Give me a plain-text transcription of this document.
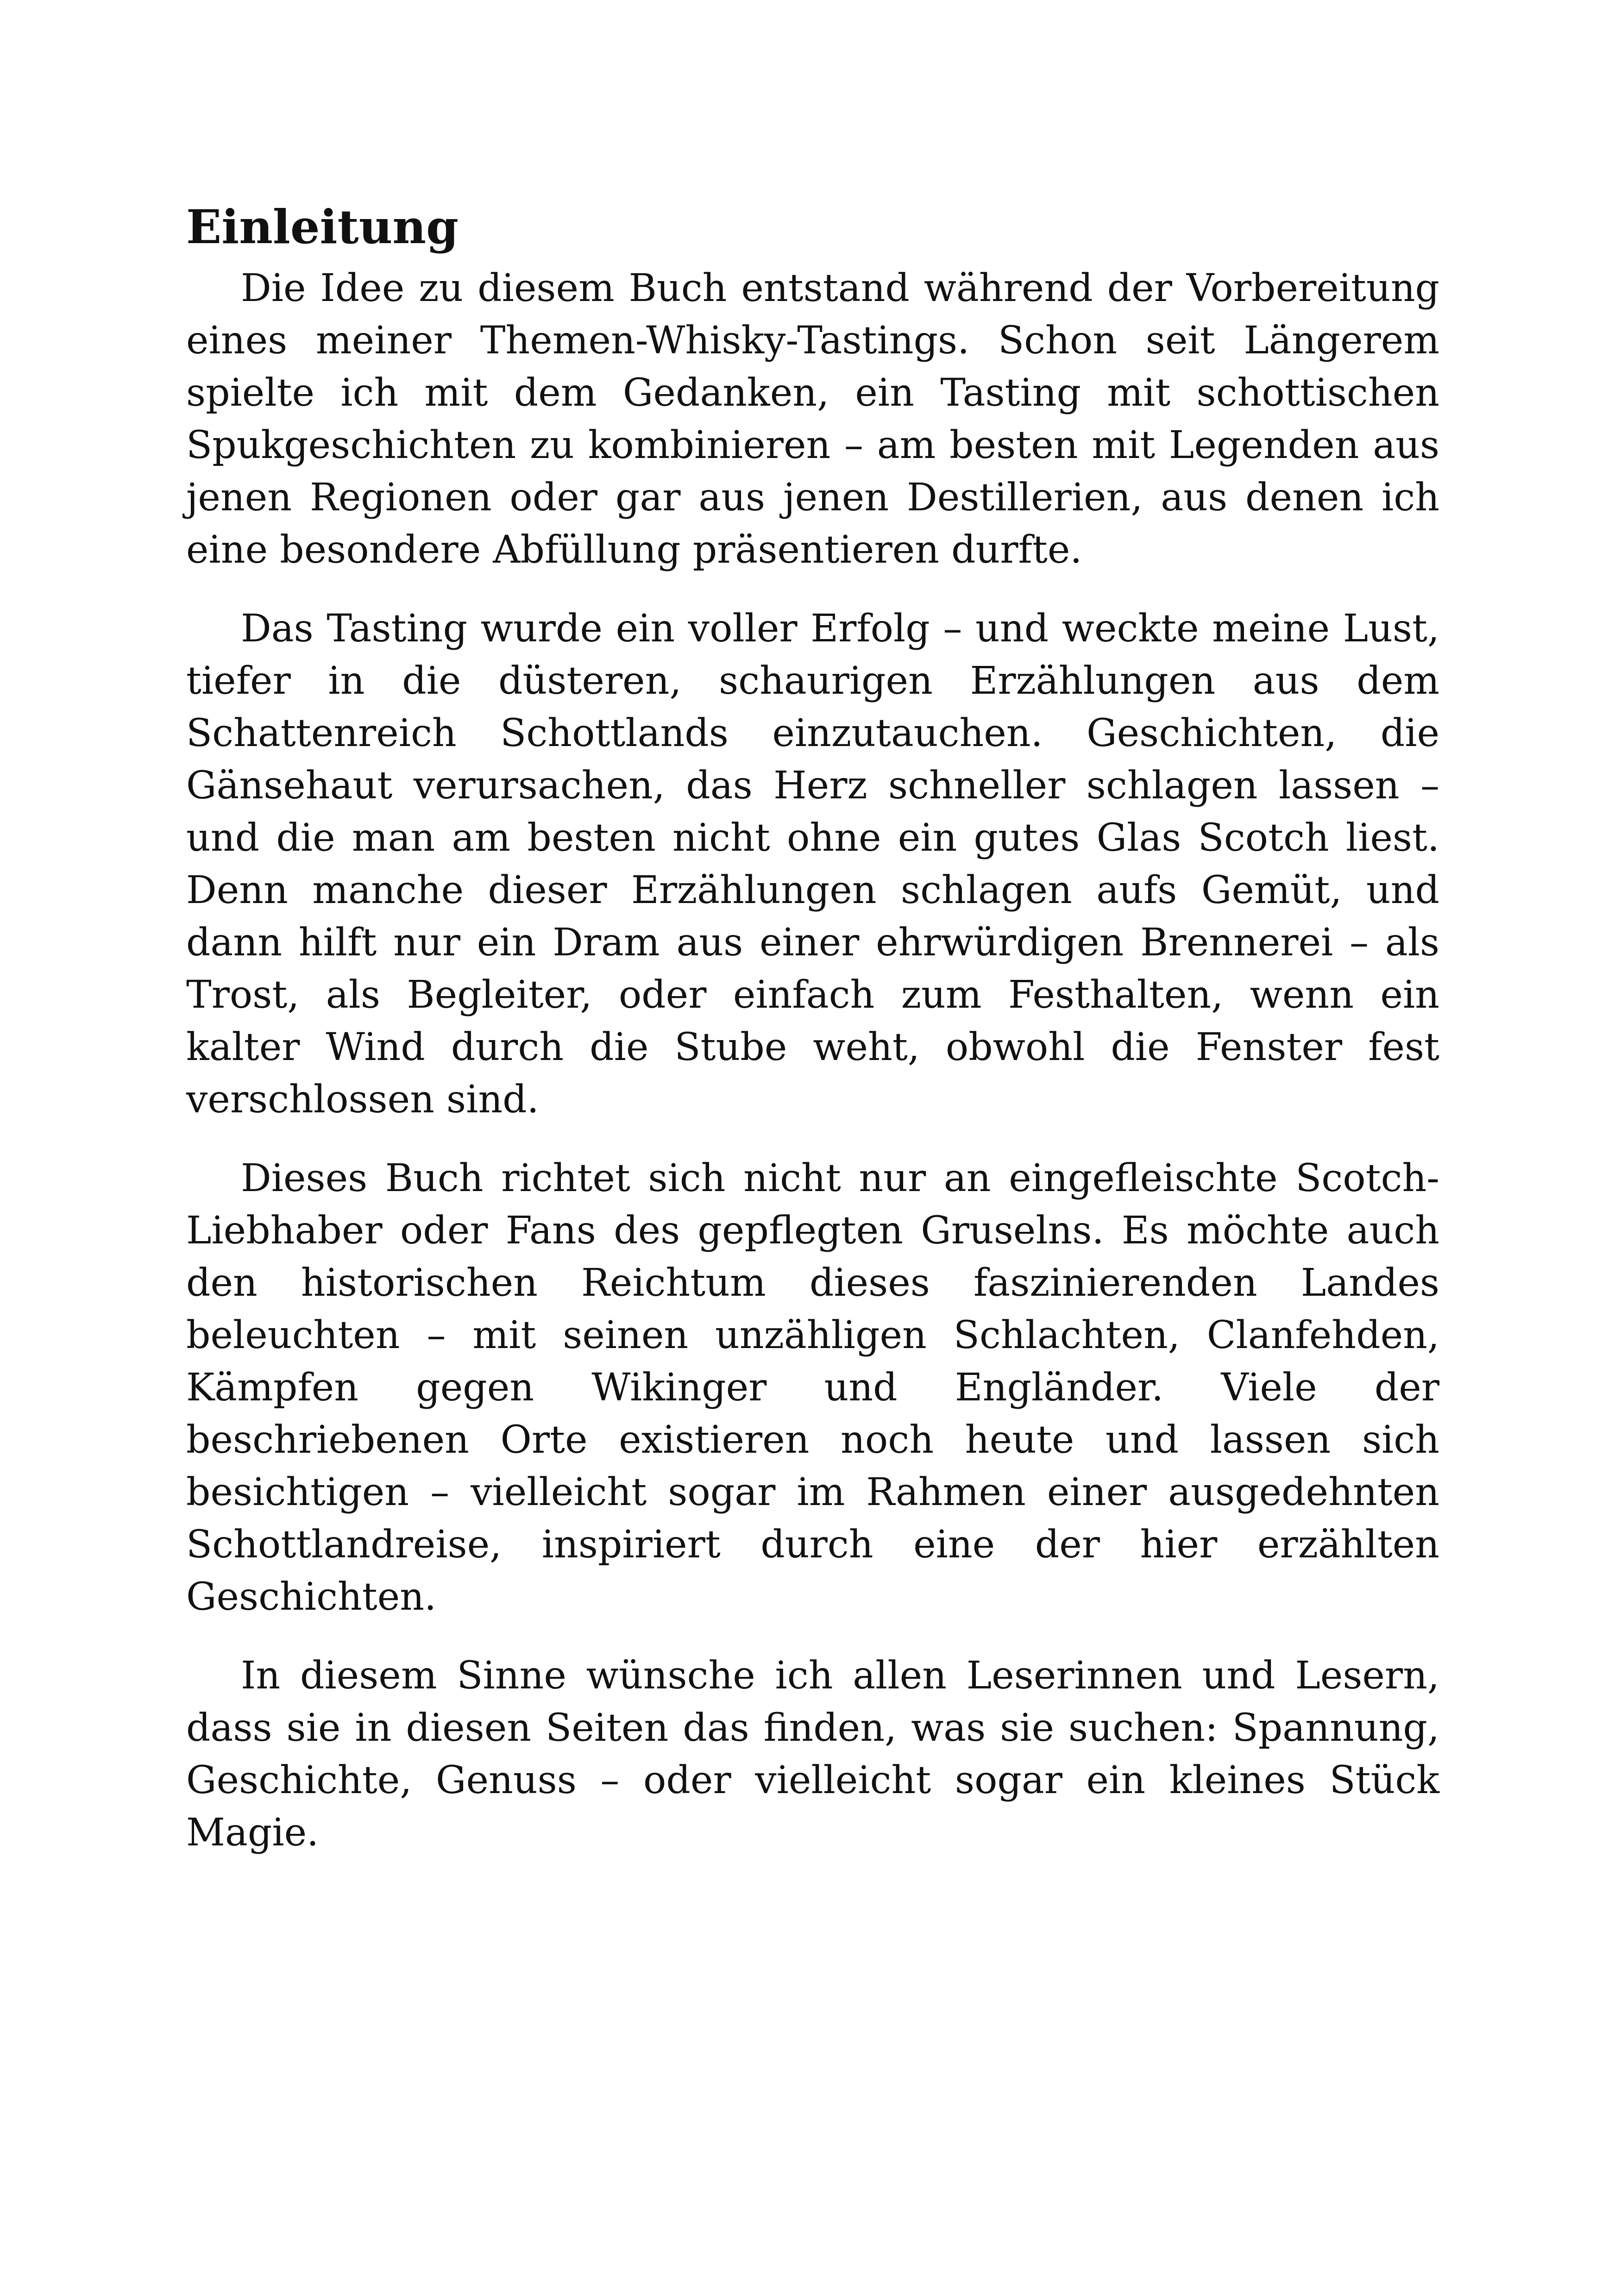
Einleitung

Die Idee zu diesem Buch entstand während der Vorbereitung eines meiner Themen-Whisky-Tastings. Schon seit Längerem spielte ich mit dem Gedanken, ein Tasting mit schottischen Spukgeschichten zu kombinieren – am besten mit Legenden aus jenen Regionen oder gar aus jenen Destillerien, aus denen ich eine besondere Abfüllung präsentieren durfte.

Das Tasting wurde ein voller Erfolg – und weckte meine Lust, tiefer in die düsteren, schaurigen Erzählungen aus dem Schattenreich Schottlands einzutauchen. Geschichten, die Gänsehaut verursachen, das Herz schneller schlagen lassen – und die man am besten nicht ohne ein gutes Glas Scotch liest. Denn manche dieser Erzählungen schlagen aufs Gemüt, und dann hilft nur ein Dram aus einer ehrwürdigen Brennerei – als Trost, als Begleiter, oder einfach zum Festhalten, wenn ein kalter Wind durch die Stube weht, obwohl die Fenster fest verschlossen sind.

Dieses Buch richtet sich nicht nur an eingefleischte Scotch-Liebhaber oder Fans des gepflegten Gruselns. Es möchte auch den historischen Reichtum dieses faszinierenden Landes beleuchten – mit seinen unzähligen Schlachten, Clanfehden, Kämpfen gegen Wikinger und Engländer. Viele der beschriebenen Orte existieren noch heute und lassen sich besichtigen – vielleicht sogar im Rahmen einer ausgedehnten Schottlandreise, inspiriert durch eine der hier erzählten Geschichten.

In diesem Sinne wünsche ich allen Leserinnen und Lesern, dass sie in diesen Seiten das finden, was sie suchen: Spannung, Geschichte, Genuss – oder vielleicht sogar ein kleines Stück Magie.
